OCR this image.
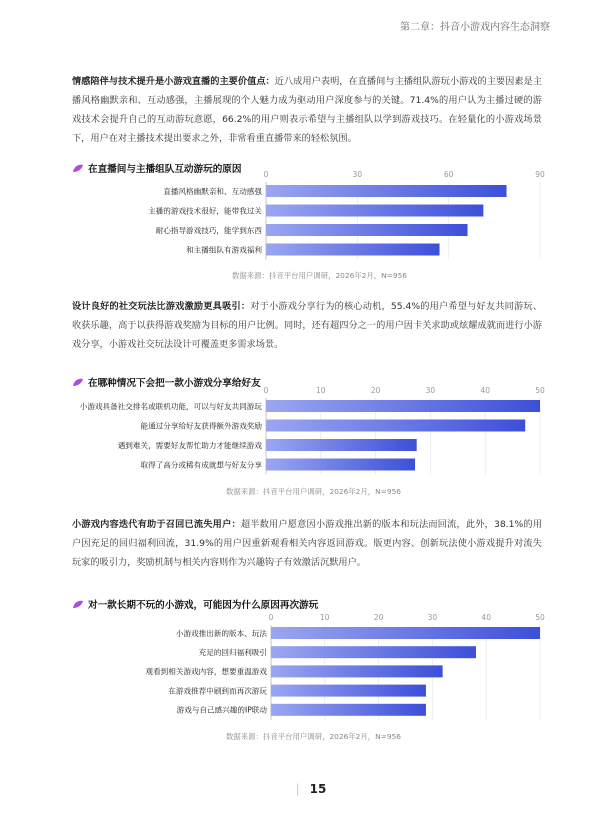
第二章：抖音小游戏内容生态洞察

情感陪伴与技术提升是小游戏直播的主要价值点：近八成用户表明，在直播间与主播组队游玩小游戏的主要因素是主播风格幽默亲和、互动感强，主播展现的个人魅力成为驱动用户深度参与的关键。71.4%的用户认为主播过硬的游戏技术会提升自己的互动游玩意愿，66.2%的用户则表示希望与主播组队以学到游戏技巧。在轻量化的小游戏场景下，用户在对主播技术提出要求之外，非常看重直播带来的轻松氛围。

在直播间与主播组队互动游玩的原因	0	30	60	90
直播风格幽默亲和、互动感强
主播的游戏技术很好，能带我过关
耐心指导游戏技巧，能学到东西
和主播组队有游戏福利
数据来源：抖音平台用户调研，2026年2月，N=956

设计良好的社交玩法比游戏激励更具吸引：对于小游戏分享行为的核心动机，55.4%的用户希望与好友共同游玩、收获乐趣，高于以获得游戏奖励为目标的用户比例。同时，还有超四分之一的用户因卡关求助或炫耀成就而进行小游戏分享，小游戏社交玩法设计可覆盖更多需求场景。

在哪种情况下会把一款小游戏分享给好友
0	10	20	30	40	50
小游戏具备社交排名或联机功能，可以与好友共同游玩
能通过分享给好友获得额外游戏奖励
遇到难关，需要好友帮忙助力才能继续游戏
取得了高分或稀有成就想与好友分享
数据来源：抖音平台用户调研，2026年2月，N=956

小游戏内容迭代有助于召回已流失用户：超半数用户愿意因小游戏推出新的版本和玩法而回流，此外，38.1%的用户因充足的回归福利回流，31.9%的用户因重新观看相关内容返回游戏。版更内容、创新玩法使小游戏提升对流失玩家的吸引力，奖励机制与相关内容则作为兴趣钩子有效激活沉默用户。

对一款长期不玩的小游戏，可能因为什么原因再次游玩
0	10	20	30	40	50
小游戏推出新的版本、玩法
充足的回归福利吸引
观看到相关游戏内容，想要重温游戏
在游戏推荐中刷到而再次游玩
游戏与自己感兴趣的IP联动
数据来源：抖音平台用户调研，2026年2月，N=956
| 15
